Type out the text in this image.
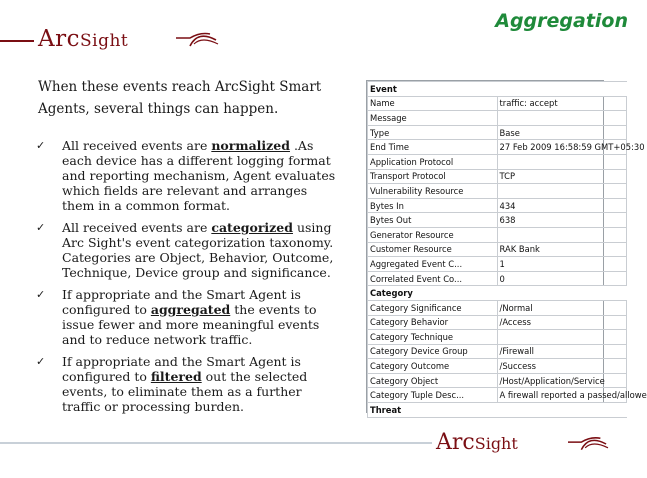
Aggregation
ArcSight
When these events reach ArcSight Smart Agents, several things can happen.
✓ All received events are normalized .As each device has a different logging format and reporting mechanism, Agent evaluates which fields are relevant and arranges them in a common format.
✓ All received events are categorized using Arc Sight's event categorization taxonomy. Categories are Object, Behavior, Outcome, Technique, Device group and significance.
✓ If appropriate and the Smart Agent is configured to aggregated the events to issue fewer and more meaningful events and to reduce network traffic.
✓ If appropriate and the Smart Agent is configured to filtered out the selected events, to eliminate them as a further traffic or processing burden.
Event	
Name	traffic: accept
Message	
Type	Base
End Time	27 Feb 2009 16:58:59 GMT+05:30
Application Protocol	
Transport Protocol	TCP
Vulnerability Resource	
Bytes In	434
Bytes Out	638
Generator Resource	
Customer Resource	RAK Bank
Aggregated Event C...	1
Correlated Event Co...	0
Category	
Category Significance	/Normal
Category Behavior	/Access
Category Technique	
Category Device Group	/Firewall
Category Outcome	/Success
Category Object	/Host/Application/Service
Category Tuple Desc...	A firewall reported a passed/allowe
Threat	
ArcSight
